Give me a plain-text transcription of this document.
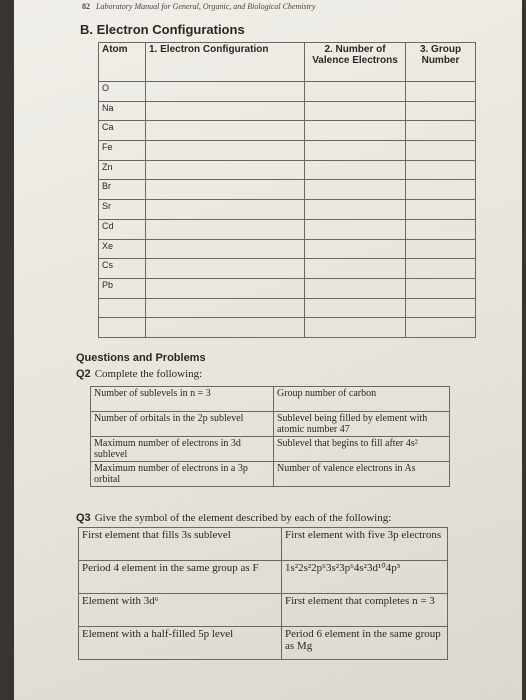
82 Laboratory Manual for General, Organic, and Biological Chemistry
B. Electron Configurations
Atom	1. Electron Configuration	2. Number of Valence Electrons	3. Group Number
O			
Na			
Ca			
Fe			
Zn			
Br			
Sr			
Cd			
Xe			
Cs			
Pb			

Questions and Problems
Q2 Complete the following:
Number of sublevels in n = 3	Group number of carbon
Number of orbitals in the 2p sublevel	Sublevel being filled by element with atomic number 47
Maximum number of electrons in 3d sublevel	Sublevel that begins to fill after 4s²
Maximum number of electrons in a 3p orbital	Number of valence electrons in As
Q3 Give the symbol of the element described by each of the following:
First element that fills 3s sublevel	First element with five 3p electrons
Period 4 element in the same group as F	1s²2s²2p⁶3s²3p⁶4s²3d¹⁰4p³
Element with 3d⁶	First element that completes n = 3
Element with a half-filled 5p level	Period 6 element in the same group as Mg
